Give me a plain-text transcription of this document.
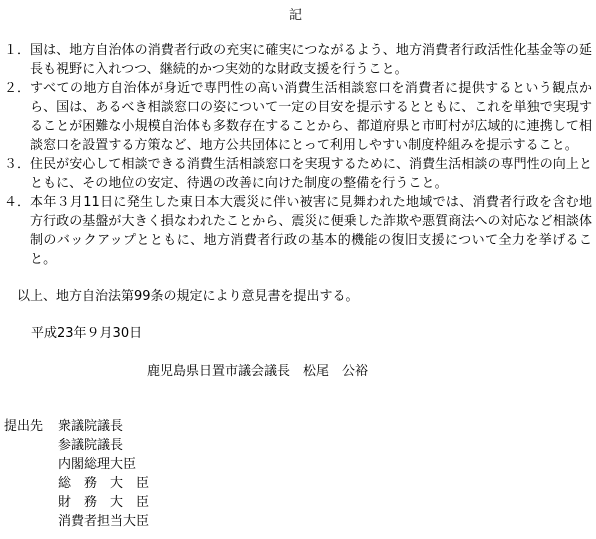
記
１． 国は、地方自治体の消費者行政の充実に確実につながるよう、地方消費者行政活性化基金等の延長も視野に入れつつ、継続的かつ実効的な財政支援を行うこと。
２． すべての地方自治体が身近で専門性の高い消費生活相談窓口を消費者に提供するという観点から、国は、あるべき相談窓口の姿について一定の目安を提示するとともに、これを単独で実現することが困難な小規模自治体も多数存在することから、都道府県と市町村が広域的に連携して相談窓口を設置する方策など、地方公共団体にとって利用しやすい制度枠組みを提示すること。
３． 住民が安心して相談できる消費生活相談窓口を実現するために、消費生活相談の専門性の向上とともに、その地位の安定、待遇の改善に向けた制度の整備を行うこと。
４． 本年３月11日に発生した東日本大震災に伴い被害に見舞われた地域では、消費者行政を含む地方行政の基盤が大きく損なわれたことから、震災に便乗した詐欺や悪質商法への対応など相談体制のバックアップとともに、地方消費者行政の基本的機能の復旧支援について全力を挙げること。
以上、地方自治法第99条の規定により意見書を提出する。
平成23年９月30日
鹿児島県日置市議会議長　松尾　公裕
提出先 衆議院議長
参議院議長
内閣総理大臣
総　務　大　臣
財　務　大　臣
消費者担当大臣
